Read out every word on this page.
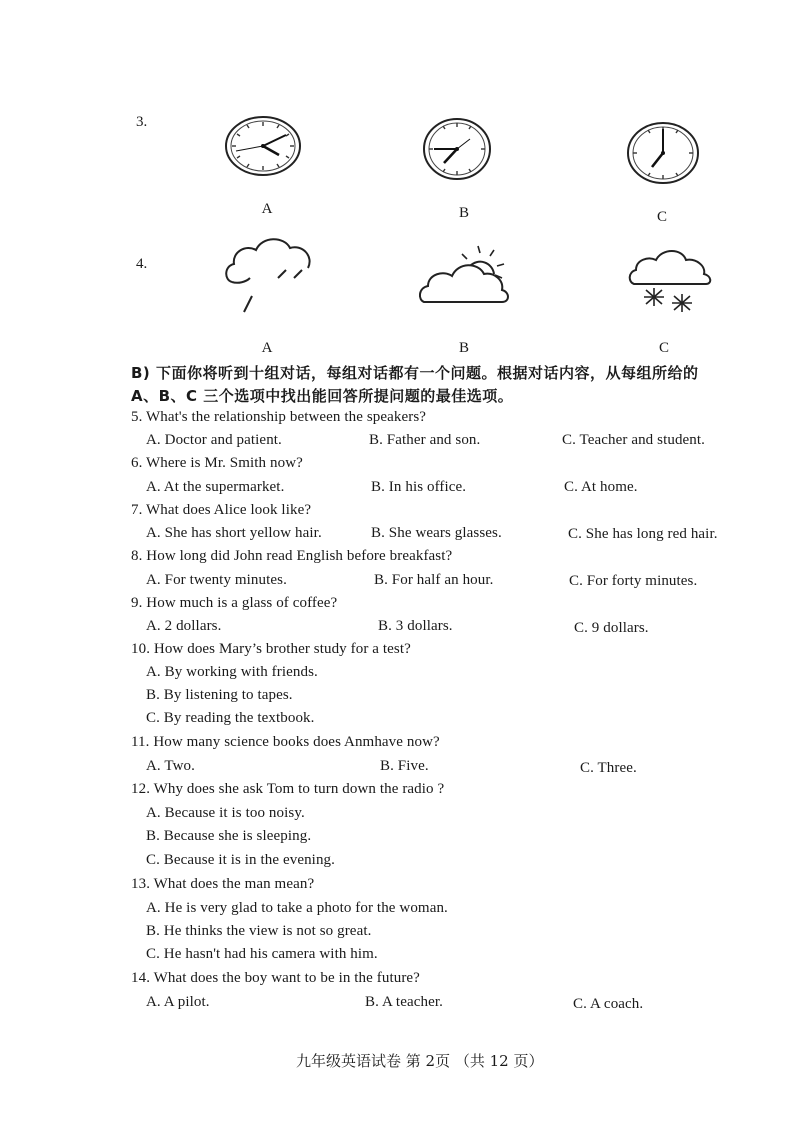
3.
A	B	C
4.
A	B	C
B) 下面你将听到十组对话，每组对话都有一个问题。根据对话内容，从每组所给的
A、B、C 三个选项中找出能回答所提问题的最佳选项。
5. What's the relationship between the speakers?
A. Doctor and patient.	B. Father and son.	C. Teacher and student.
6. Where is Mr. Smith now?
A. At the supermarket.	B. In his office.	C. At home.
7. What does Alice look like?
A. She has short yellow hair.	B. She wears glasses.	C. She has long red hair.
8. How long did John read English before breakfast?
A. For twenty minutes.	B. For half an hour.	C. For forty minutes.
9. How much is a glass of coffee?
A. 2 dollars.	B. 3 dollars.	C. 9 dollars.
10. How does Mary’s brother study for a test?
A. By working with friends.
B. By listening to tapes.
C. By reading the textbook.
11. How many science books does Anmhave now?
A. Two.	B. Five.	C. Three.
12. Why does she ask Tom to turn down the radio ?
A. Because it is too noisy.
B. Because she is sleeping.
C. Because it is in the evening.
13. What does the man mean?
A. He is very glad to take a photo for the woman.
B. He thinks the view is not so great.
C. He hasn't had his camera with him.
14. What does the boy want to be in the future?
A. A pilot.	B. A teacher.	C. A coach.
九年级英语试卷 第 2页 （共 12 页）
